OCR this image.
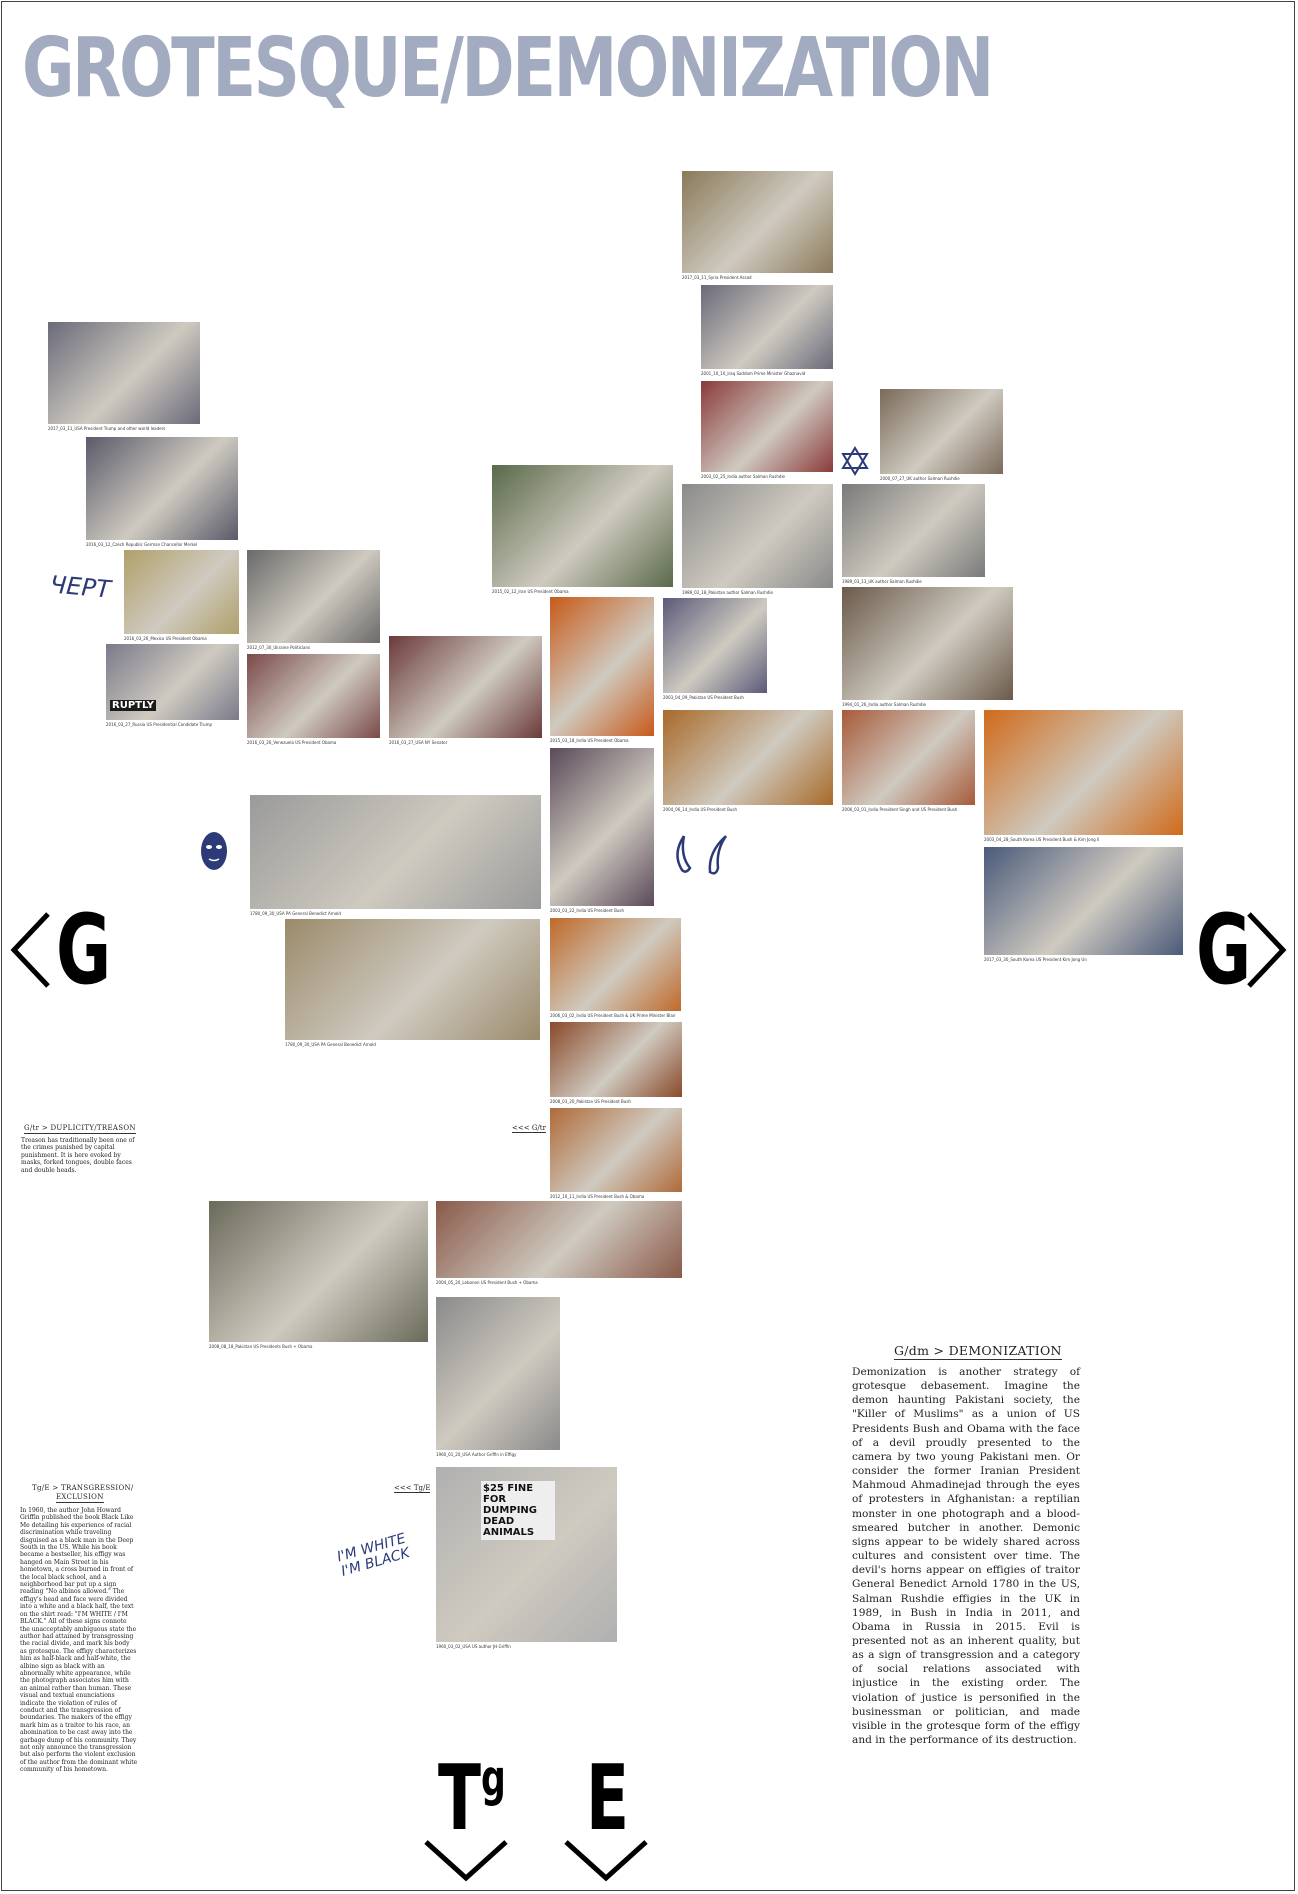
GROTESQUE/DEMONIZATION
2017_03_11_Syria President Assad
2001_10_10_Iraq Saddam Prime Minister Ghaznavid
2003_02_25_India author Salman Rushdie	2000_07_27_UK author Salman Rushdie
2017_03_11_USA President Trump and other world leaders
2016_03_12_Czech Republic German Chancellor Merkel
2015_02_12_Iran US President Obama	1989_02_18_Pakistan author Salman Rushdie
1989_03_13_UK author Salman Rushdie
2016_03_26_Mexico US President Obama
2012_07_30_Ukraine Politicians
RUPTLY
2016_03_27_Russia US Presidential Candidate Trump
2016_03_26_Venezuela US President Obama	2016_03_27_USA NY Senator	2015_03_18_India US President Obama
2003_04_09_Pakistan US President Bush
1994_01_26_India author Salman Rushdie
2004_06_14_India US President Bush	2006_03_01_India President Singh and US President Bush
2003_04_28_South Korea US President Bush & Kim Jong Il
2017_03_30_South Korea US President Kim Jong Un
1780_09_30_USA PA General Benedict Arnold
2003_03_22_India US President Bush
1780_09_30_USA PA General Benedict Arnold
2006_03_02_India US President Bush & UK Prime Minister Blair
2008_03_20_Pakistan US President Bush
2012_10_11_India US President Bush & Obama
2008_08_18_Pakistan US Presidents Bush + Obama
2004_05_20_Lebanon US President Bush + Obama
1960_01_20_USA Author Griffin in Effigy
$25 FINE FOR DUMPING DEAD ANIMALS
1960_03_02_USA US author JH Griffin
ЧЕРТ
I'M WHITE I'M BLACK
G	G
$T^g$ E
G/tr > DUPLICITY/TREASON
Treason has traditionally been one of the crimes punished by capital punishment. It is here evoked by masks, forked tongues, double faces and double heads.
<<< G/tr
Tg/E > TRANSGRESSION/
EXCLUSION
In 1960, the author John Howard Griffin published the book Black Like Me detailing his experience of racial discrimination while traveling disguised as a black man in the Deep South in the US. While his book became a bestseller, his effigy was hanged on Main Street in his hometown, a cross burned in front of the local black school, and a neighborhood bar put up a sign reading "No albinos allowed." The effigy's head and face were divided into a white and a black half, the text on the shirt read: "I'M WHITE / I'M BLACK." All of these signs connote the unacceptably ambiguous state the author had attained by transgressing the racial divide, and mark his body as grotesque. The effigy characterizes him as half-black and half-white, the albino sign as black with an abnormally white appearance, while the photograph associates him with an animal rather than human. These visual and textual enunciations indicate the violation of rules of conduct and the transgression of boundaries. The makers of the effigy mark him as a traitor to his race, an abomination to be cast away into the garbage dump of his community. They not only announce the transgression but also perform the violent exclusion of the author from the dominant white community of his hometown.
<<< Tg/E
G/dm > DEMONIZATION
Demonization is another strategy of grotesque debasement. Imagine the demon haunting Pakistani society, the "Killer of Muslims" as a union of US Presidents Bush and Obama with the face of a devil proudly presented to the camera by two young Pakistani men. Or consider the former Iranian President Mahmoud Ahmadinejad through the eyes of protesters in Afghanistan: a reptilian monster in one photograph and a blood-smeared butcher in another. Demonic signs appear to be widely shared across cultures and consistent over time. The devil's horns appear on effigies of traitor General Benedict Arnold 1780 in the US, Salman Rushdie effigies in the UK in 1989, in Bush in India in 2011, and Obama in Russia in 2015. Evil is presented not as an inherent quality, but as a sign of transgression and a category of social relations associated with injustice in the existing order. The violation of justice is personified in the businessman or politician, and made visible in the grotesque form of the effigy and in the performance of its destruction.
